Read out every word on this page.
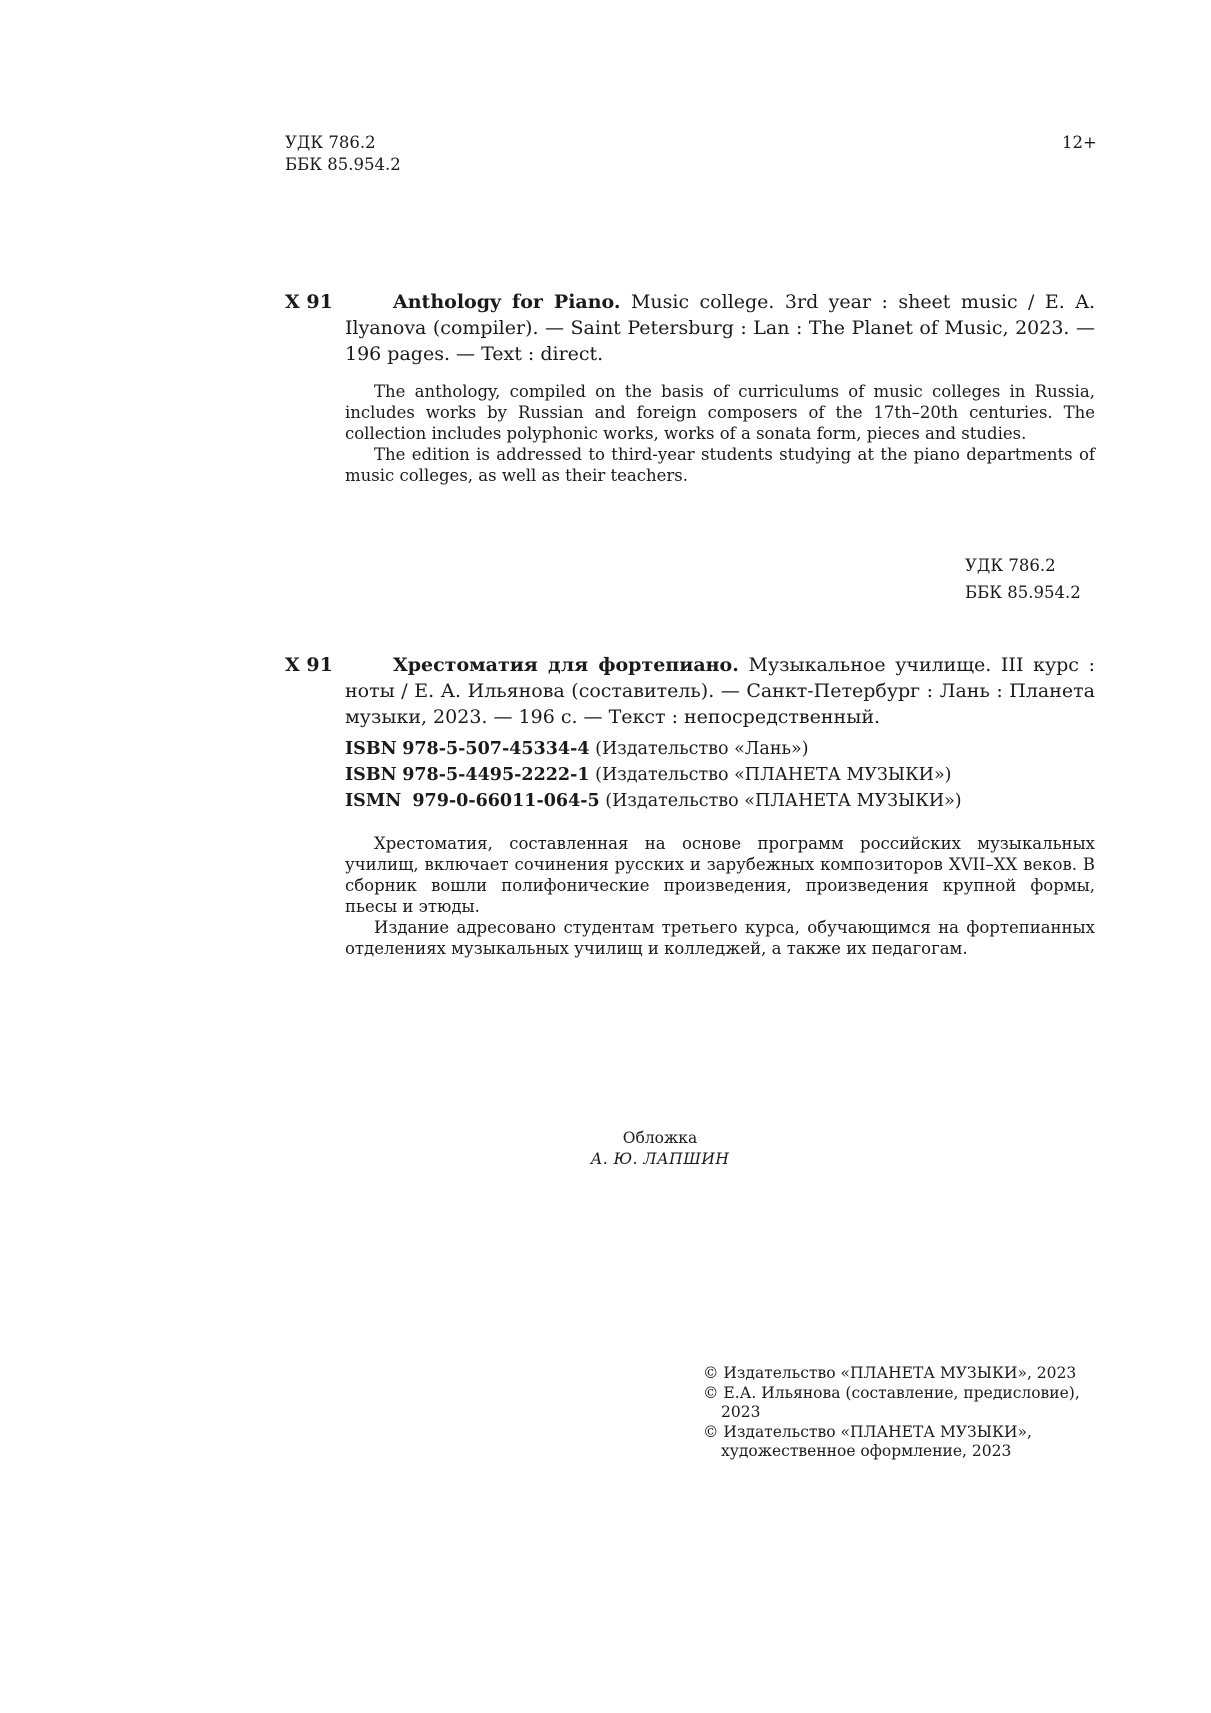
УДК 786.2
ББК 85.954.2
12+
Х 91	Anthology for Piano. Music college. 3rd year : sheet music / E. A. Ilyanova (compiler). — Saint Petersburg : Lan : The Planet of Music, 2023. — 196 pages. — Text : direct.

The anthology, compiled on the basis of curriculums of music colleges in Russia, includes works by Russian and foreign composers of the 17th–20th centuries. The collection includes polyphonic works, works of a sonata form, pieces and studies.

The edition is addressed to third-year students studying at the piano departments of music colleges, as well as their teachers.

УДК 786.2
ББК 85.954.2
Х 91	Хрестоматия для фортепиано. Музыкальное училище. III курс : ноты / Е. А. Ильянова (составитель). — Санкт-Петербург : Лань : Планета музыки, 2023. — 196 с. — Текст : непосредственный.
ISBN 978-5-507-45334-4 (Издательство «Лань»)
ISBN 978-5-4495-2222-1 (Издательство «ПЛАНЕТА МУЗЫКИ»)
ISMN 979-0-66011-064-5 (Издательство «ПЛАНЕТА МУЗЫКИ»)

Хрестоматия, составленная на основе программ российских музыкальных училищ, включает сочинения русских и зарубежных композиторов XVII–XX веков. В сборник вошли полифонические произведения, произведения крупной формы, пьесы и этюды.

Издание адресовано студентам третьего курса, обучающимся на фортепианных отделениях музыкальных училищ и колледжей, а также их педагогам.

Обложка
А. Ю. ЛАПШИН
© Издательство «ПЛАНЕТА МУЗЫКИ», 2023
© Е.А. Ильянова (составление, предисловие), 2023
© Издательство «ПЛАНЕТА МУЗЫКИ», художественное оформление, 2023
